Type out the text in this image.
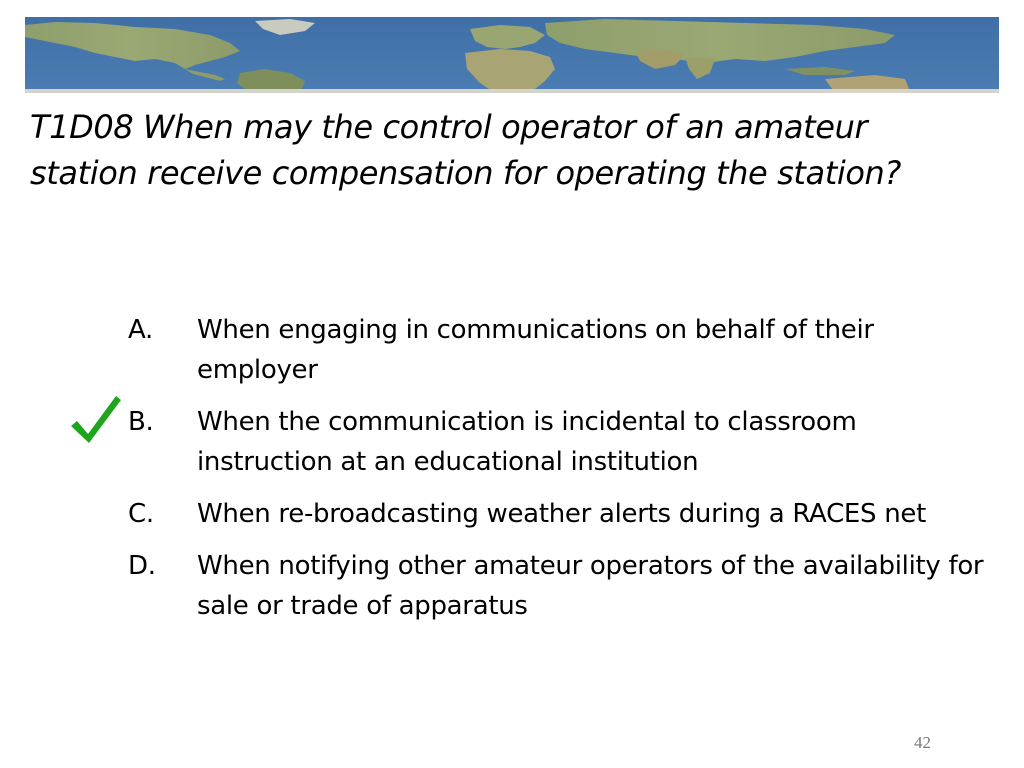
T1D08 When may the control operator of an amateur station receive compensation for operating the station?
A.	When engaging in communications on behalf of their employer
B.	When the communication is incidental to classroom instruction at an educational institution
C.	When re-broadcasting weather alerts during a RACES net
D.	When notifying other amateur operators of the availability for sale or trade of apparatus
42
